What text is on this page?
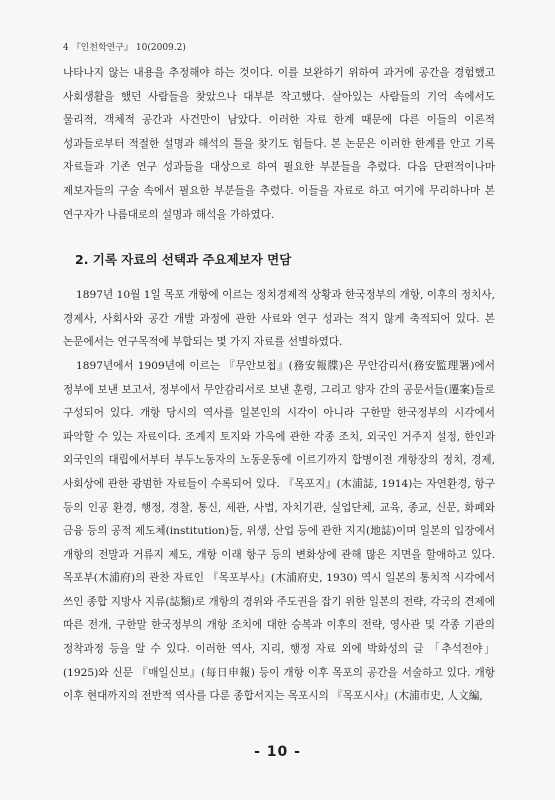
4 『인천학연구』 10(2009.2)

나타나지 않는 내용을 추정해야 하는 것이다. 이를 보완하기 위하여 과거에 공간을 경험했고 사회생활을 했던 사람들을 찾았으나 대부분 작고했다. 살아있는 사람들의 기억 속에서도 물리적, 객체적 공간과 사건만이 남았다. 이러한 자료 한계 때문에 다른 이들의 이론적 성과들로부터 적절한 설명과 해석의 틀을 찾기도 힘들다. 본 논문은 이러한 한계를 안고 기록 자료들과 기존 연구 성과들을 대상으로 하여 필요한 부분들을 추렸다. 다음 단편적이나마 제보자들의 구술 속에서 필요한 부분들을 추렸다. 이들을 자료로 하고 여기에 무리하나마 본 연구자가 나름대로의 설명과 해석을 가하였다.

2. 기록 자료의 선택과 주요제보자 면담

1897년 10월 1일 목포 개항에 이르는 정치경제적 상황과 한국정부의 개항, 이후의 정치사, 경제사, 사회사와 공간 개발 과정에 관한 사료와 연구 성과는 적지 않게 축적되어 있다. 본 논문에서는 연구목적에 부합되는 몇 가지 자료를 선별하였다.

1897년에서 1909년에 이르는 『무안보첩』(務安報牒)은 무안감리서(務安監理署)에서 정부에 보낸 보고서, 정부에서 무안감리서로 보낸 훈령, 그리고 양자 간의 공문서들(遷案)들로 구성되어 있다. 개항 당시의 역사를 일본인의 시각이 아니라 구한말 한국정부의 시각에서 파악할 수 있는 자료이다. 조계지 토지와 가옥에 관한 각종 조치, 외국인 거주지 설정, 한인과 외국인의 대립에서부터 부두노동자의 노동운동에 이르기까지 합병이전 개항장의 정치, 경제, 사회상에 관한 광범한 자료들이 수록되어 있다. 『목포지』(木浦誌, 1914)는 자연환경, 항구 등의 인공 환경, 행정, 경찰, 통신, 세관, 사법, 자치기관, 실업단체, 교육, 종교, 신문, 화폐와 금융 등의 공적 제도체(institution)들, 위생, 산업 등에 관한 지지(地誌)이며 일본의 입장에서 개항의 전말과 거류지 제도, 개항 이래 항구 등의 변화상에 관해 많은 지면을 할애하고 있다. 목포부(木浦府)의 관찬 자료인 『목포부사』(木浦府史, 1930) 역시 일본의 통치적 시각에서 쓰인 종합 지방사 지류(誌類)로 개항의 경위와 주도권을 잡기 위한 일본의 전략, 각국의 견제에 따른 전개, 구한말 한국정부의 개항 조치에 대한 승복과 이후의 전략, 영사관 및 각종 기관의 정착과정 등을 알 수 있다. 이러한 역사, 지리, 행정 자료 외에 박화성의 글 「추석전야」(1925)와 신문 『매일신보』(每日申報) 등이 개항 이후 목포의 공간을 서술하고 있다. 개항 이후 현대까지의 전반적 역사를 다룬 종합서지는 목포시의 『목포시사』(木浦市史, 人文編,

- 10 -
